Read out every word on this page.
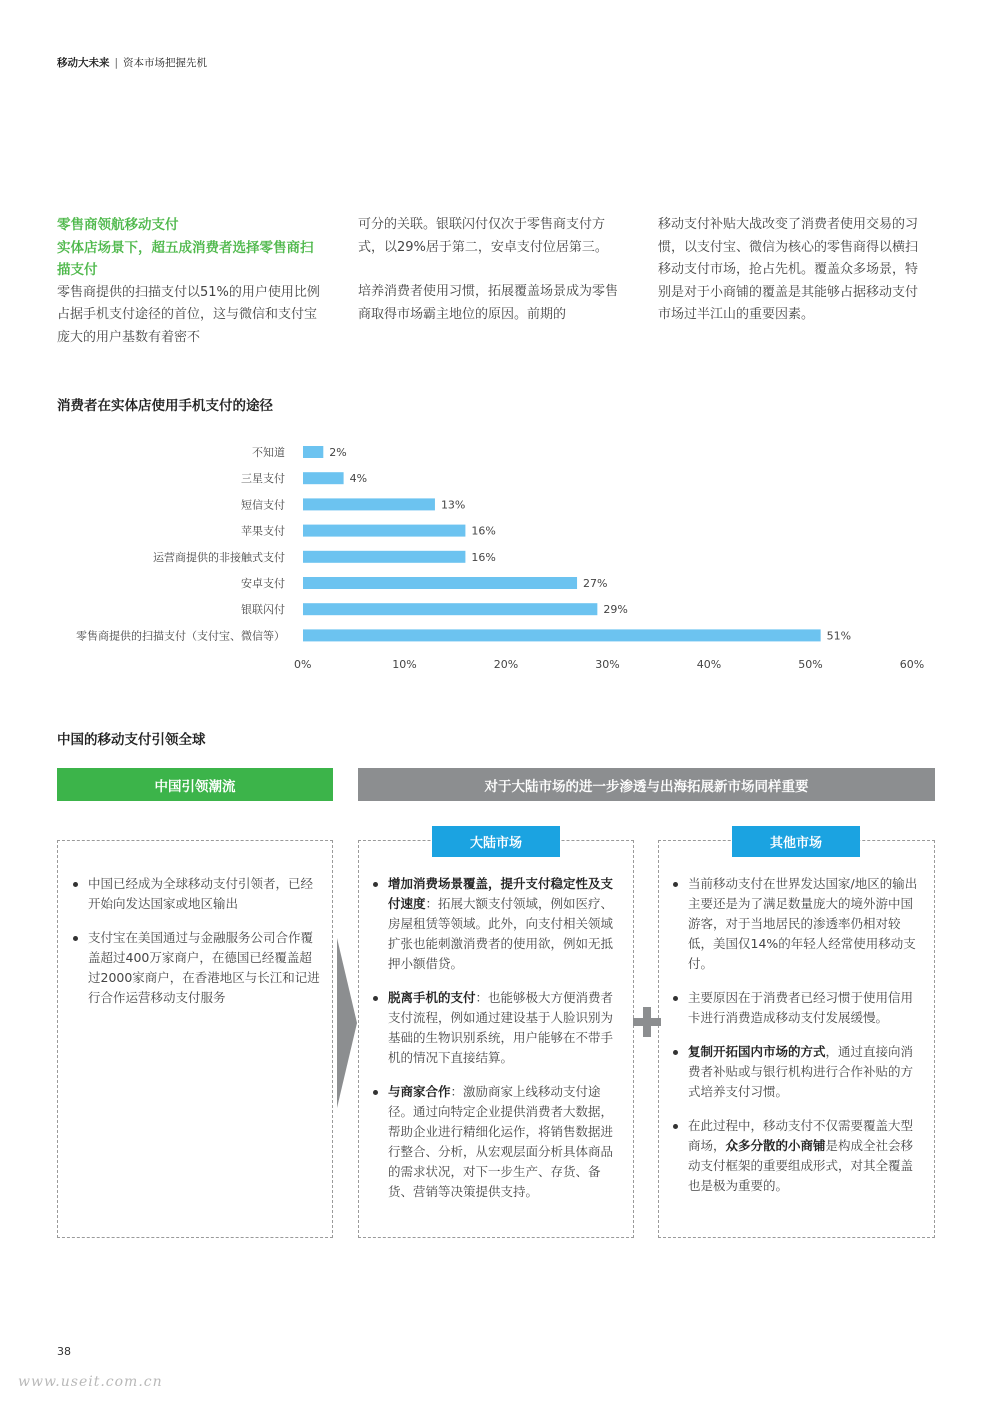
移动大未来 | 资本市场把握先机

零售商领航移动支付

实体店场景下，超五成消费者选择零售商扫描支付

零售商提供的扫描支付以51%的用户使用比例占据手机支付途径的首位，这与微信和支付宝庞大的用户基数有着密不

可分的关联。银联闪付仅次于零售商支付方式，以29%居于第二，安卓支付位居第三。

培养消费者使用习惯，拓展覆盖场景成为零售商取得市场霸主地位的原因。前期的

移动支付补贴大战改变了消费者使用交易的习惯，以支付宝、微信为核心的零售商得以横扫移动支付市场，抢占先机。覆盖众多场景，特别是对于小商铺的覆盖是其能够占据移动支付市场过半江山的重要因素。

消费者在实体店使用手机支付的途径
不知道	2%
三星支付	4%
短信支付	13%
苹果支付	16%
运营商提供的非接触式支付	16%
安卓支付	27%
银联闪付	29%
零售商提供的扫描支付（支付宝、微信等）	51%
0%	10%	20%	30%	40%	50%	60%
中国的移动支付引领全球
中国引领潮流	对于大陆市场的进一步渗透与出海拓展新市场同样重要
大陆市场	其他市场
中国已经成为全球移动支付引领者，已经开始向发达国家或地区输出
支付宝在美国通过与金融服务公司合作覆盖超过400万家商户，在德国已经覆盖超过2000家商户，在香港地区与长江和记进行合作运营移动支付服务
增加消费场景覆盖，提升支付稳定性及支付速度：拓展大额支付领域，例如医疗、房屋租赁等领域。此外，向支付相关领域扩张也能刺激消费者的使用欲，例如无抵押小额借贷。
脱离手机的支付：也能够极大方便消费者支付流程，例如通过建设基于人脸识别为基础的生物识别系统，用户能够在不带手机的情况下直接结算。
与商家合作：激励商家上线移动支付途径。通过向特定企业提供消费者大数据，帮助企业进行精细化运作，将销售数据进行整合、分析，从宏观层面分析具体商品的需求状况，对下一步生产、存货、备货、营销等决策提供支持。
当前移动支付在世界发达国家/地区的输出主要还是为了满足数量庞大的境外游中国游客，对于当地居民的渗透率仍相对较低，美国仅14%的年轻人经常使用移动支付。
主要原因在于消费者已经习惯于使用信用卡进行消费造成移动支付发展缓慢。
复制开拓国内市场的方式，通过直接向消费者补贴或与银行机构进行合作补贴的方式培养支付习惯。
在此过程中，移动支付不仅需要覆盖大型商场，众多分散的小商铺是构成全社会移动支付框架的重要组成形式，对其全覆盖也是极为重要的。
38
www.useit.com.cn
